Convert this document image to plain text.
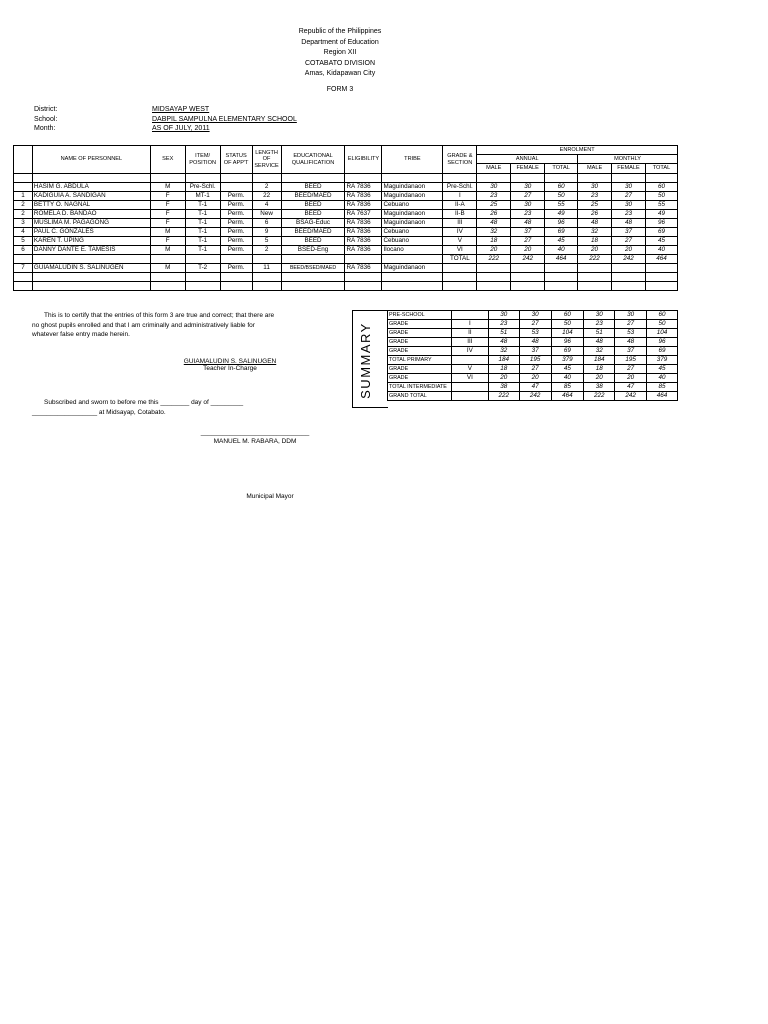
Republic of the Philippines
Department of Education
Region XII
COTABATO DIVISION
Amas, Kidapawan City
FORM 3
District:
School:
Month:
MIDSAYAP WEST
DABPIL SAMPULNA ELEMENTARY SCHOOL
AS OF JULY, 2011
	NAME OF PERSONNEL	SEX	ITEM/ POSITION	STATUS OF APP'T	LENGTH OF SERVICE	EDUCATIONAL QUALIFICATION	ELIGIBILITY	TRIBE	GRADE & SECTION	ENROLMENT					
										ANNUAL			MONTHLY		
										MALE	FEMALE	TOTAL	MALE	FEMALE	TOTAL

	HASIM G. ABDULA	M	Pre-Schl.		2	BEED	RA 7836	Maguindanaon	Pre-Schl.	30	30	60	30	30	60
1	KADIGUIA A. SANDIGAN	F	MT-1	Perm.	22	BEED/MAED	RA 7836	Maguindanaon	I	23	27	50	23	27	50
2	BETTY O. NAGNAL	F	T-1	Perm.	4	BEED	RA 7836	Cebuano	II-A	25	30	55	25	30	55
2	ROMELA D. BANDAO	F	T-1	Perm.	New	BEED	RA 7637	Maguindanaon	II-B	26	23	49	26	23	49
3	MUSLIMA M. PAGAGONG	F	T-1	Perm.	6	BSAG-Educ	RA 7836	Maguindanaon	III	48	48	96	48	48	96
4	PAUL C. GONZALES	M	T-1	Perm.	9	BEED/MAED	RA 7836	Cebuano	IV	32	37	69	32	37	69
5	KAREN T. UPING	F	T-1	Perm.	5	BEED	RA 7836	Cebuano	V	18	27	45	18	27	45
6	DANNY DANTE E. TAMESIS	M	T-1	Perm.	2	BSED-Eng	RA 7836	Ilocano	VI	20	20	40	20	20	40
									TOTAL	222	242	464	222	242	464
7	GUIAMALUDIN S. SALINUGEN	M	T-2	Perm.	11	BEED/BSED/MAED	RA 7836	Maguindanaon							

This is to certify that the entries of this form 3 are true and correct; that there are no ghost pupils enrolled and that I am criminally and administratively liable for whatever false entry made herein.
GUIAMALUDIN S. SALINUGEN
Teacher In-Charge
Subscribed and sworn to before me this ________ day of _________
__________________ at Midsayap, Cotabato.
______________________________
MANUEL M. RABARA, DDM
Municipal Mayor
SUMMARY
PRE-SCHOOL		30	30	60	30	30	60
GRADE	I	23	27	50	23	27	50
GRADE	II	51	53	104	51	53	104
GRADE	III	48	48	96	48	48	96
GRADE	IV	32	37	69	32	37	69
TOTAL PRIMARY		184	195	379	184	195	379
GRADE	V	18	27	45	18	27	45
GRADE	VI	20	20	40	20	20	40
TOTAL INTERMEDIATE		38	47	85	38	47	85
GRAND TOTAL		222	242	464	222	242	464
